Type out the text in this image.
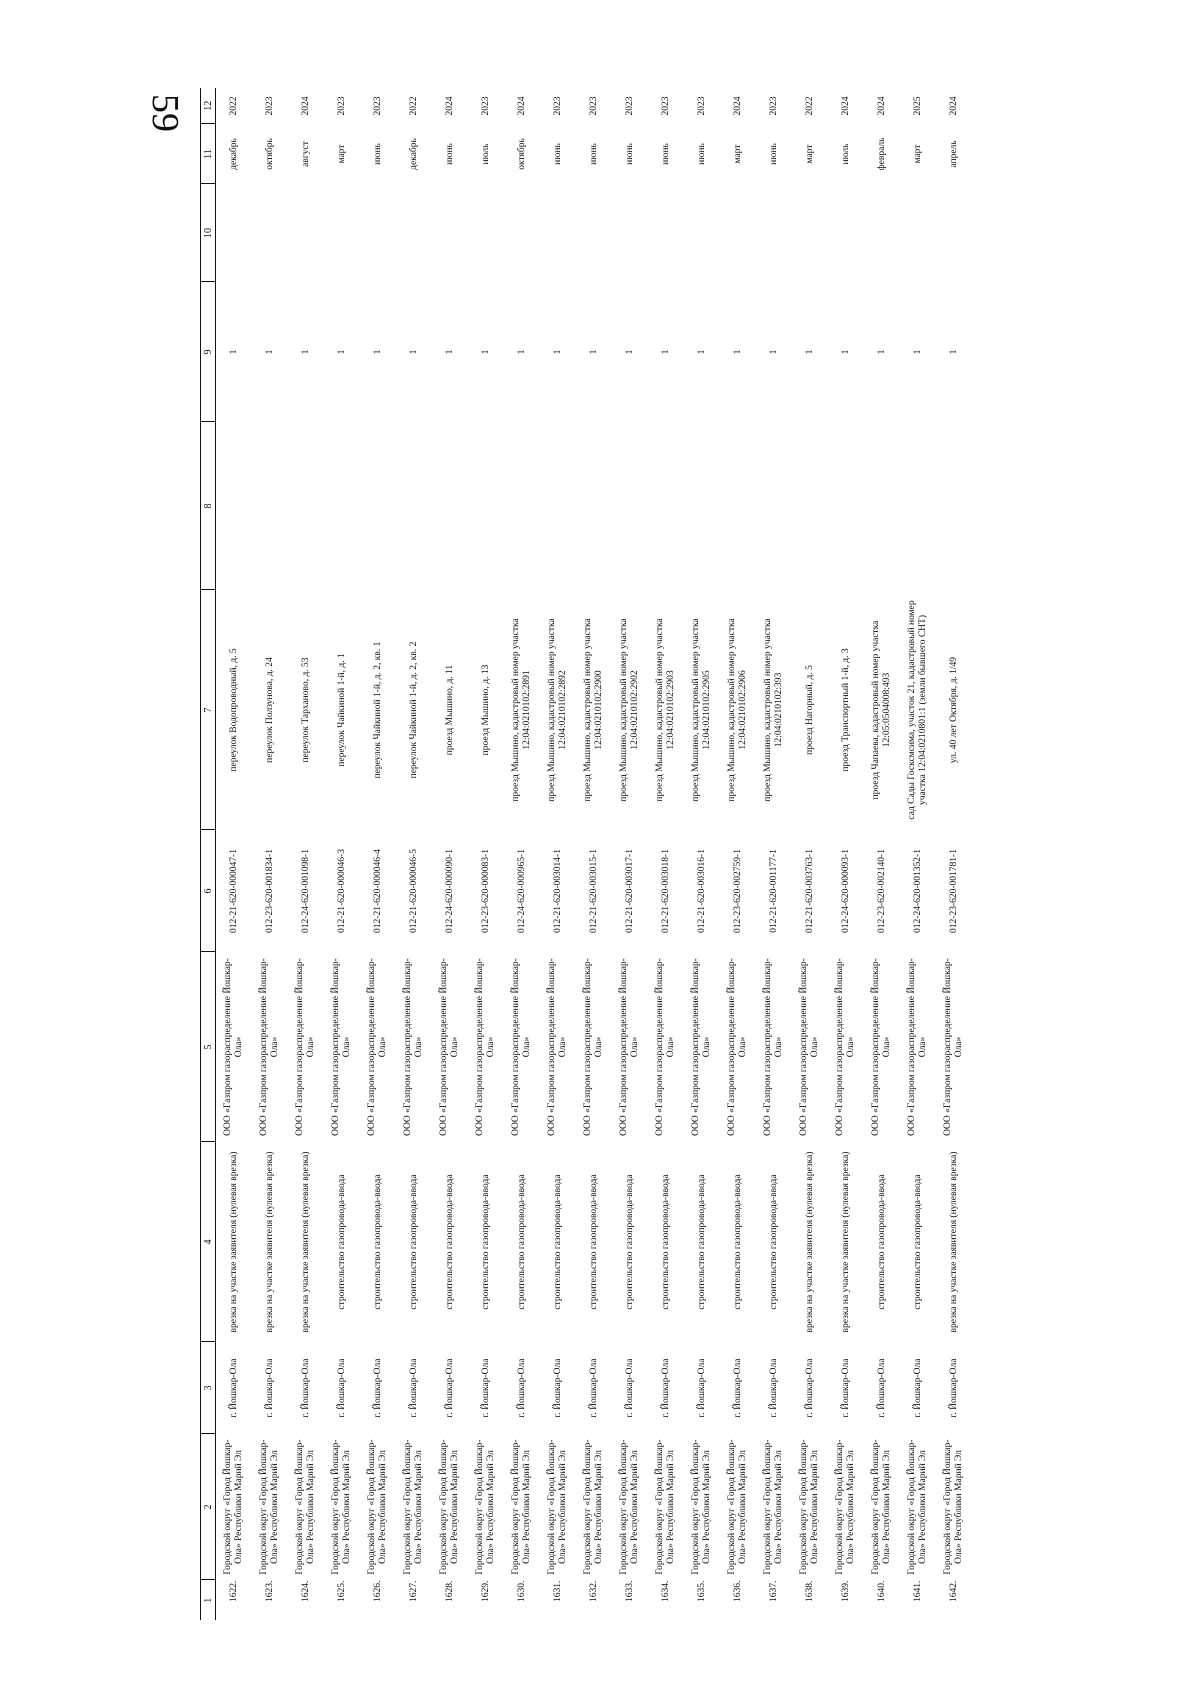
59
1	2	3	4	5	6	7	8	9	10	11	12
1622.	Городской округ «Город Йошкар-Ола» Республики Марий Эл	г. Йошкар-Ола	врезка на участке заявителя (нулевая врезка)	ООО «Газпром газораспределение Йошкар-Ола»	012-21-620-000047-1	переулок Водопроводный, д. 5		1		декабрь	2022
1623.	Городской округ «Город Йошкар-Ола» Республики Марий Эл	г. Йошкар-Ола	врезка на участке заявителя (нулевая врезка)	ООО «Газпром газораспределение Йошкар-Ола»	012-23-620-001834-1	переулок Ползунова, д. 24		1		октябрь	2023
1624.	Городской округ «Город Йошкар-Ола» Республики Марий Эл	г. Йошкар-Ола	врезка на участке заявителя (нулевая врезка)	ООО «Газпром газораспределение Йошкар-Ола»	012-24-620-001098-1	переулок Тарханово, д. 53		1		август	2024
1625.	Городской округ «Город Йошкар-Ола» Республики Марий Эл	г. Йошкар-Ола	строительство газопровода-ввода	ООО «Газпром газораспределение Йошкар-Ола»	012-21-620-000046-3	переулок Чайкиной 1-й, д. 1		1		март	2023
1626.	Городской округ «Город Йошкар-Ола» Республики Марий Эл	г. Йошкар-Ола	строительство газопровода-ввода	ООО «Газпром газораспределение Йошкар-Ола»	012-21-620-000046-4	переулок Чайкиной 1-й, д. 2, кв. 1		1		июнь	2023
1627.	Городской округ «Город Йошкар-Ола» Республики Марий Эл	г. Йошкар-Ола	строительство газопровода-ввода	ООО «Газпром газораспределение Йошкар-Ола»	012-21-620-000046-5	переулок Чайкиной 1-й, д. 2, кв. 2		1		декабрь	2022
1628.	Городской округ «Город Йошкар-Ола» Республики Марий Эл	г. Йошкар-Ола	строительство газопровода-ввода	ООО «Газпром газораспределение Йошкар-Ола»	012-24-620-000090-1	проезд Мышино, д. 11		1		июнь	2024
1629.	Городской округ «Город Йошкар-Ола» Республики Марий Эл	г. Йошкар-Ола	строительство газопровода-ввода	ООО «Газпром газораспределение Йошкар-Ола»	012-23-620-000083-1	проезд Мышино, д. 13		1		июль	2023
1630.	Городской округ «Город Йошкар-Ола» Республики Марий Эл	г. Йошкар-Ола	строительство газопровода-ввода	ООО «Газпром газораспределение Йошкар-Ола»	012-24-620-000965-1	проезд Мышино, кадастровый номер участка 12:04:0210102:2891		1		октябрь	2024
1631.	Городской округ «Город Йошкар-Ола» Республики Марий Эл	г. Йошкар-Ола	строительство газопровода-ввода	ООО «Газпром газораспределение Йошкар-Ола»	012-21-620-003014-1	проезд Мышино, кадастровый номер участка 12:04:0210102:2892		1		июнь	2023
1632.	Городской округ «Город Йошкар-Ола» Республики Марий Эл	г. Йошкар-Ола	строительство газопровода-ввода	ООО «Газпром газораспределение Йошкар-Ола»	012-21-620-003015-1	проезд Мышино, кадастровый номер участка 12:04:0210102:2900		1		июнь	2023
1633.	Городской округ «Город Йошкар-Ола» Республики Марий Эл	г. Йошкар-Ола	строительство газопровода-ввода	ООО «Газпром газораспределение Йошкар-Ола»	012-21-620-003017-1	проезд Мышино, кадастровый номер участка 12:04:0210102:2902		1		июнь	2023
1634.	Городской округ «Город Йошкар-Ола» Республики Марий Эл	г. Йошкар-Ола	строительство газопровода-ввода	ООО «Газпром газораспределение Йошкар-Ола»	012-21-620-003018-1	проезд Мышино, кадастровый номер участка 12:04:0210102:2903		1		июнь	2023
1635.	Городской округ «Город Йошкар-Ола» Республики Марий Эл	г. Йошкар-Ола	строительство газопровода-ввода	ООО «Газпром газораспределение Йошкар-Ола»	012-21-620-003016-1	проезд Мышино, кадастровый номер участка 12:04:0210102:2905		1		июнь	2023
1636.	Городской округ «Город Йошкар-Ола» Республики Марий Эл	г. Йошкар-Ола	строительство газопровода-ввода	ООО «Газпром газораспределение Йошкар-Ола»	012-23-620-002759-1	проезд Мышино, кадастровый номер участка 12:04:0210102:2906		1		март	2024
1637.	Городской округ «Город Йошкар-Ола» Республики Марий Эл	г. Йошкар-Ола	строительство газопровода-ввода	ООО «Газпром газораспределение Йошкар-Ола»	012-21-620-001177-1	проезд Мышино, кадастровый номер участка 12:04:0210102:393		1		июнь	2023
1638.	Городской округ «Город Йошкар-Ола» Республики Марий Эл	г. Йошкар-Ола	врезка на участке заявителя (нулевая врезка)	ООО «Газпром газораспределение Йошкар-Ола»	012-21-620-003763-1	проезд Нагорный, д. 5		1		март	2022
1639.	Городской округ «Город Йошкар-Ола» Республики Марий Эл	г. Йошкар-Ола	врезка на участке заявителя (нулевая врезка)	ООО «Газпром газораспределение Йошкар-Ола»	012-24-620-000093-1	проезд Транспортный 1-й, д. 3		1		июль	2024
1640.	Городской округ «Город Йошкар-Ола» Республики Марий Эл	г. Йошкар-Ола	строительство газопровода-ввода	ООО «Газпром газораспределение Йошкар-Ола»	012-23-620-002140-1	проезд Чапаева, кадастровый номер участка 12:05:0504008:493		1		февраль	2024
1641.	Городской округ «Город Йошкар-Ола» Республики Марий Эл	г. Йошкар-Ола	строительство газопровода-ввода	ООО «Газпром газораспределение Йошкар-Ола»	012-24-620-001352-1	сад Сады Госксмсима, участок 21, кадастровый номер участка 12:04:0210801:1 (земли бывшего СНТ)		1		март	2025
1642.	Городской округ «Город Йошкар-Ола» Республики Марий Эл	г. Йошкар-Ола	врезка на участке заявителя (нулевая врезка)	ООО «Газпром газораспределение Йошкар-Ола»	012-23-620-001781-1	ул. 40 лет Октября, д. 1/49		1		апрель	2024
